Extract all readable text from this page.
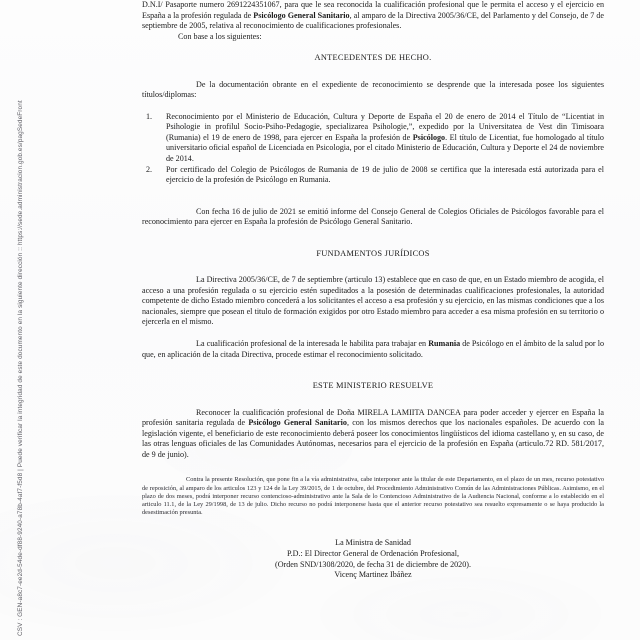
CSV : GEN-a8c7-ee2d-54de-df88-9240-a78b-4af7-f5d8 | Puede verificar la integridad de este documento en la siguiente dirección :: https://sede.administracion.gob.es/pagSedeFront

D.N.I/ Pasaporte numero 2691224351067, para que le sea reconocida la cualificación profesional que le permita el acceso y el ejercicio en España a la profesión regulada de Psicólogo General Sanitario, al amparo de la Directiva 2005/36/CE, del Parlamento y del Consejo, de 7 de septiembre de 2005, relativa al reconocimiento de cualificaciones profesionales.

Con base a los siguientes:

ANTECEDENTES DE HECHO.

De la documentación obrante en el expediente de reconocimiento se desprende que la interesada posee los siguientes títulos/diplomas:

1. Reconocimiento por el Ministerio de Educación, Cultura y Deporte de España el 20 de enero de 2014 el Título de “Licentiat in Psihologie in profilul Socio-Psiho-Pedagogie, specializarea Psihologie,”, expedido por la Universitatea de Vest din Timisoara (Rumania) el 19 de enero de 1998, para ejercer en España la profesión de Psicólogo. El título de Licentiat, fue homologado al título universitario oficial español de Licenciada en Psicologia, por el citado Ministerio de Educación, Cultura y Deporte el 24 de noviembre de 2014.
2. Por certificado del Colegio de Psicólogos de Rumania de 19 de julio de 2008 se certifica que la interesada está autorizada para el ejercicio de la profesión de Psicólogo en Rumania.

Con fecha 16 de julio de 2021 se emitió informe del Consejo General de Colegios Oficiales de Psicólogos favorable para el reconocimiento para ejercer en España la profesión de Psicólogo General Sanitario.

FUNDAMENTOS JURÍDICOS

La Directiva 2005/36/CE, de 7 de septiembre (articulo 13) establece que en caso de que, en un Estado miembro de acogida, el acceso a una profesión regulada o su ejercicio estén supeditados a la posesión de determinadas cualificaciones profesionales, la autoridad competente de dicho Estado miembro concederá a los solicitantes el acceso a esa profesión y su ejercicio, en las mismas condiciones que a los nacionales, siempre que posean el titulo de formación exigidos por otro Estado miembro para acceder a esa misma profesión en su territorio o ejercerla en el mismo.

La cualificación profesional de la interesada le habilita para trabajar en Rumania de Psicólogo en el ámbito de la salud por lo que, en aplicación de la citada Directiva, procede estimar el reconocimiento solicitado.

ESTE MINISTERIO RESUELVE

Reconocer la cualificación profesional de Doña MIRELA LAMIITA DANCEA para poder acceder y ejercer en España la profesión sanitaria regulada de Psicólogo General Sanitario, con los mismos derechos que los nacionales españoles. De acuerdo con la legislación vigente, el beneficiario de este reconocimiento deberá poseer los conocimientos lingüísticos del idioma castellano y, en su caso, de las otras lenguas oficiales de las Comunidades Autónomas, necesarios para el ejercicio de la profesión en España (articulo.72 RD. 581/2017, de 9 de junio).

Contra la presente Resolución, que pone fin a la vía administrativa, cabe interponer ante la titular de este Departamento, en el plazo de un mes, recurso potestativo de reposición, al amparo de los articulos 123 y 124 de la Ley 39/2015, de 1 de octubre, del Procedimiento Administrativo Común de las Administraciones Públicas. Asimismo, en el plazo de dos meses, podrá interponer recurso contencioso-administrativo ante la Sala de lo Contencioso Administrativo de la Audiencia Nacional, conforme a lo establecido en el articulo 11.1, de la Ley 29/1998, de 13 de julio. Dicho recurso no podrá interponerse hasta que el anterior recurso potestativo sea resuelto expresamente o se haya producido la desestimación presunta.

La Ministra de Sanidad
P.D.: El Director General de Ordenación Profesional,
(Orden SND/1308/2020, de fecha 31 de diciembre de 2020).
Vicenç Martinez Ibáñez
